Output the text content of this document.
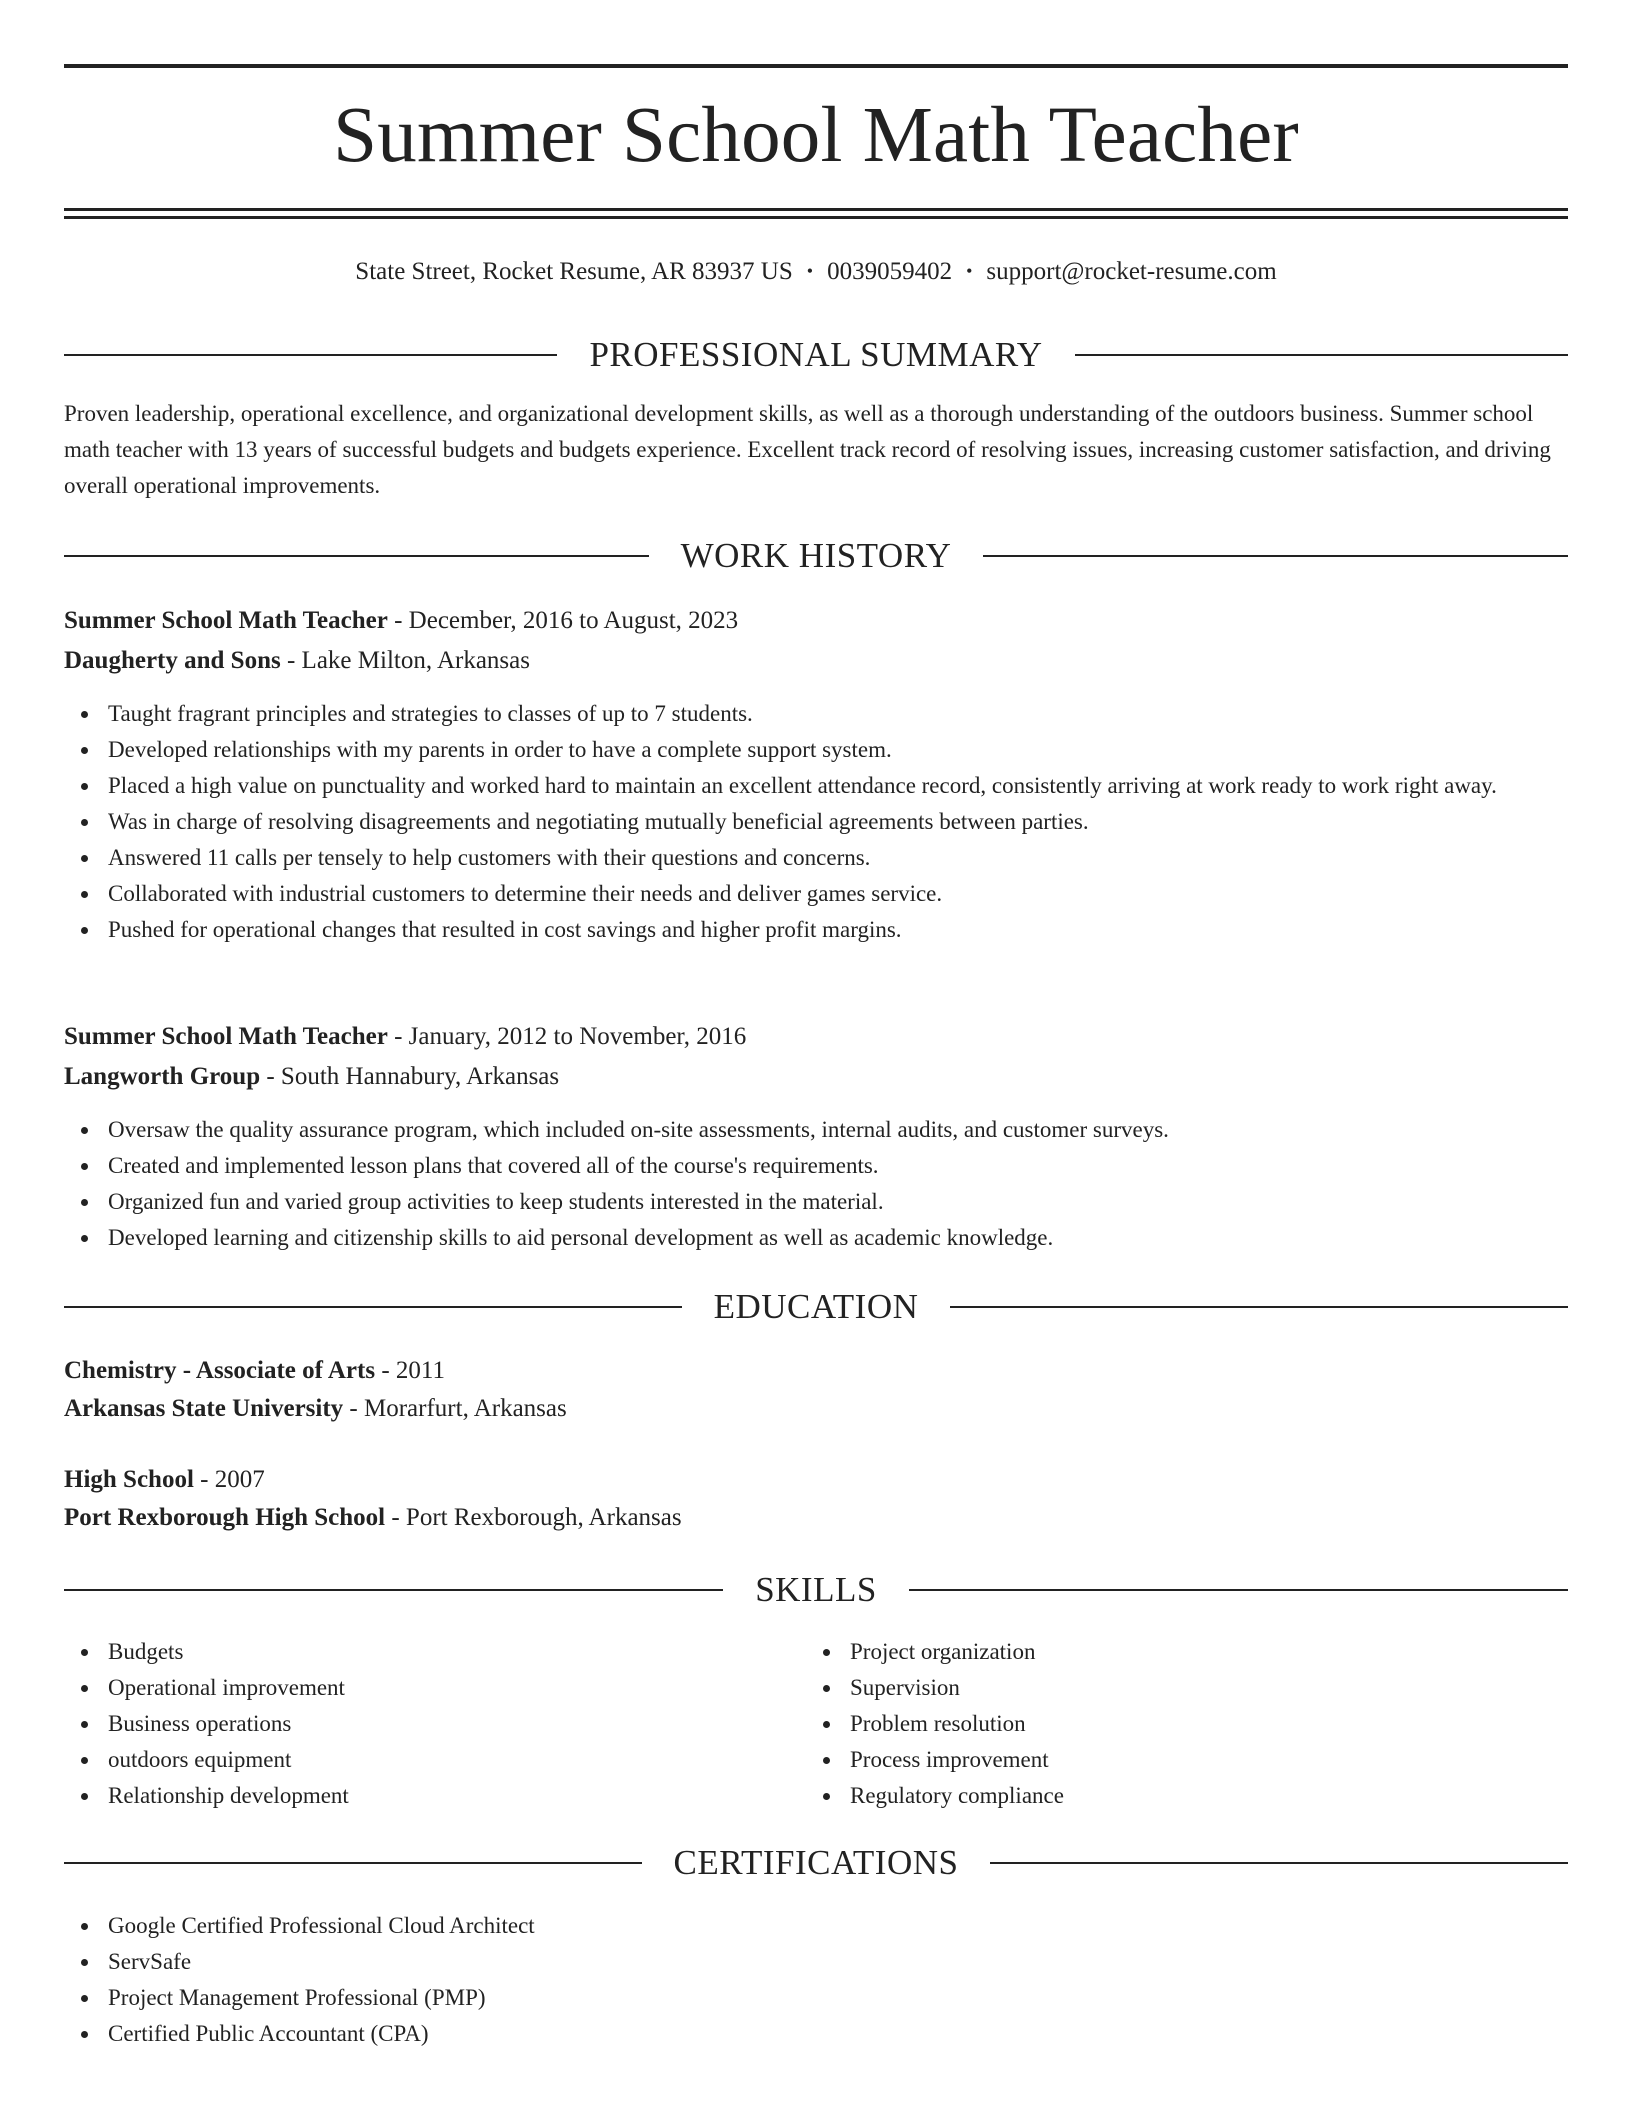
Summer School Math Teacher
State Street, Rocket Resume, AR 83937 US • 0039059402 • support@rocket-resume.com
PROFESSIONAL SUMMARY

Proven leadership, operational excellence, and organizational development skills, as well as a thorough understanding of the outdoors business. Summer school math teacher with 13 years of successful budgets and budgets experience. Excellent track record of resolving issues, increasing customer satisfaction, and driving overall operational improvements.

WORK HISTORY
Summer School Math Teacher - December, 2016 to August, 2023
Daugherty and Sons - Lake Milton, Arkansas
Taught fragrant principles and strategies to classes of up to 7 students.
Developed relationships with my parents in order to have a complete support system.
Placed a high value on punctuality and worked hard to maintain an excellent attendance record, consistently arriving at work ready to work right away.
Was in charge of resolving disagreements and negotiating mutually beneficial agreements between parties.
Answered 11 calls per tensely to help customers with their questions and concerns.
Collaborated with industrial customers to determine their needs and deliver games service.
Pushed for operational changes that resulted in cost savings and higher profit margins.
Summer School Math Teacher - January, 2012 to November, 2016
Langworth Group - South Hannabury, Arkansas
Oversaw the quality assurance program, which included on-site assessments, internal audits, and customer surveys.
Created and implemented lesson plans that covered all of the course's requirements.
Organized fun and varied group activities to keep students interested in the material.
Developed learning and citizenship skills to aid personal development as well as academic knowledge.
EDUCATION
Chemistry - Associate of Arts - 2011
Arkansas State University - Morarfurt, Arkansas
High School - 2007
Port Rexborough High School - Port Rexborough, Arkansas
SKILLS
Budgets
Operational improvement
Business operations
outdoors equipment
Relationship development
Project organization
Supervision
Problem resolution
Process improvement
Regulatory compliance
CERTIFICATIONS
Google Certified Professional Cloud Architect
ServSafe
Project Management Professional (PMP)
Certified Public Accountant (CPA)
